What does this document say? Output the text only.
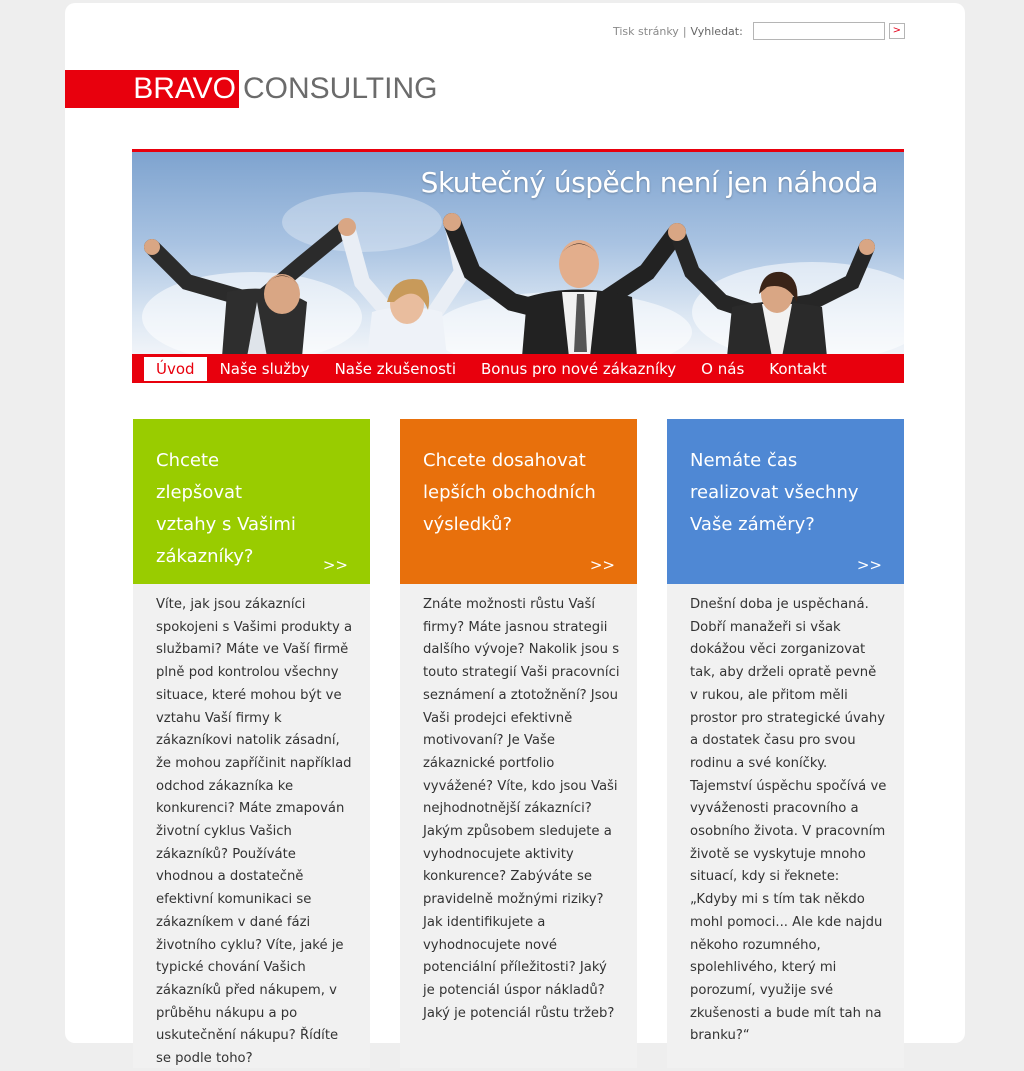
Tisk stránky | Vyhledat:	>
BRAVO CONSULTING
Skutečný úspěch není jen náhoda
Úvod	Naše služby	Naše zkušenosti	Bonus pro nové zákazníky	O nás	Kontakt
Chcete zlepšovat vztahy s Vašimi zákazníky?	>>
Víte, jak jsou zákazníci spokojeni s Vašimi produkty a službami? Máte ve Vaší firmě plně pod kontrolou všechny situace, které mohou být ve vztahu Vaší firmy k zákazníkovi natolik zásadní, že mohou zapříčinit například odchod zákazníka ke konkurenci? Máte zmapován životní cyklus Vašich zákazníků? Používáte vhodnou a dostatečně efektivní komunikaci se zákazníkem v dané fázi životního cyklu? Víte, jaké je typické chování Vašich zákazníků před nákupem, v průběhu nákupu a po uskutečnění nákupu? Řídíte se podle toho?
Chcete dosahovat lepších obchodních výsledků?
>>
Znáte možnosti růstu Vaší firmy? Máte jasnou strategii dalšího vývoje? Nakolik jsou s touto strategií Vaši pracovníci seznámení a ztotožnění? Jsou Vaši prodejci efektivně motivovaní? Je Vaše zákaznické portfolio vyvážené? Víte, kdo jsou Vaši nejhodnotnější zákazníci? Jakým způsobem sledujete a vyhodnocujete aktivity konkurence? Zabýváte se pravidelně možnými riziky? Jak identifikujete a vyhodnocujete nové potenciální příležitosti? Jaký je potenciál úspor nákladů? Jaký je potenciál růstu tržeb?
Nemáte čas realizovat všechny Vaše záměry?
>>
Dnešní doba je uspěchaná. Dobří manažeři si však dokážou věci zorganizovat tak, aby drželi opratě pevně v rukou, ale přitom měli prostor pro strategické úvahy a dostatek času pro svou rodinu a své koníčky. Tajemství úspěchu spočívá ve vyváženosti pracovního a osobního života. V pracovním životě se vyskytuje mnoho situací, kdy si řeknete: „Kdyby mi s tím tak někdo mohl pomoci... Ale kde najdu někoho rozumného, spolehlivého, který mi porozumí, využije své zkušenosti a bude mít tah na branku?“
